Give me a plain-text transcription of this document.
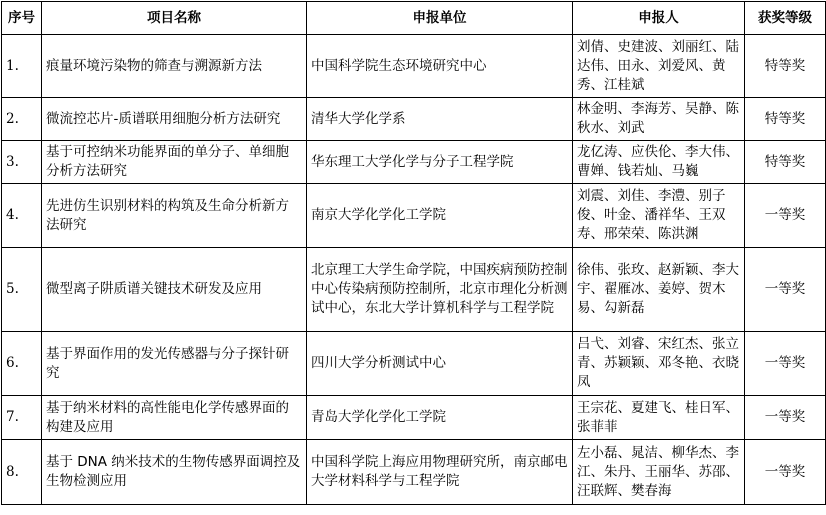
序号	项目名称	申报单位	申报人	获奖等级
1.	痕量环境污染物的筛查与溯源新方法	中国科学院生态环境研究中心	刘倩、史建波、刘丽红、陆达伟、田永、刘爱风、黄秀、江桂斌	特等奖
2.	微流控芯片-质谱联用细胞分析方法研究	清华大学化学系	林金明、李海芳、吴静、陈秋水、刘武	特等奖
3.	基于可控纳米功能界面的单分子、单细胞分析方法研究	华东理工大学化学与分子工程学院	龙亿涛、应佚伦、李大伟、曹婵、钱若灿、马巍	特等奖
4.	先进仿生识别材料的构筑及生命分析新方法研究	南京大学化学化工学院	刘震、刘佳、李澧、别子俊、叶金、潘祥华、王双寿、邢荣荣、陈洪渊	一等奖
5.	微型离子阱质谱关键技术研发及应用	北京理工大学生命学院，中国疾病预防控制中心传染病预防控制所，北京市理化分析测试中心，东北大学计算机科学与工程学院	徐伟、张玫、赵新颖、李大宇、翟雁冰、姜婷、贺木易、勾新磊	一等奖
6.	基于界面作用的发光传感器与分子探针研究	四川大学分析测试中心	吕弋、刘睿、宋红杰、张立青、苏颖颖、邓冬艳、衣晓凤	一等奖
7.	基于纳米材料的高性能电化学传感界面的构建及应用	青岛大学化学化工学院	王宗花、夏建飞、桂日军、张菲菲	一等奖
8.	基于 DNA 纳米技术的生物传感界面调控及生物检测应用	中国科学院上海应用物理研究所，南京邮电大学材料科学与工程学院	左小磊、晁洁、柳华杰、李江、朱丹、王丽华、苏邵、汪联辉、樊春海	一等奖
